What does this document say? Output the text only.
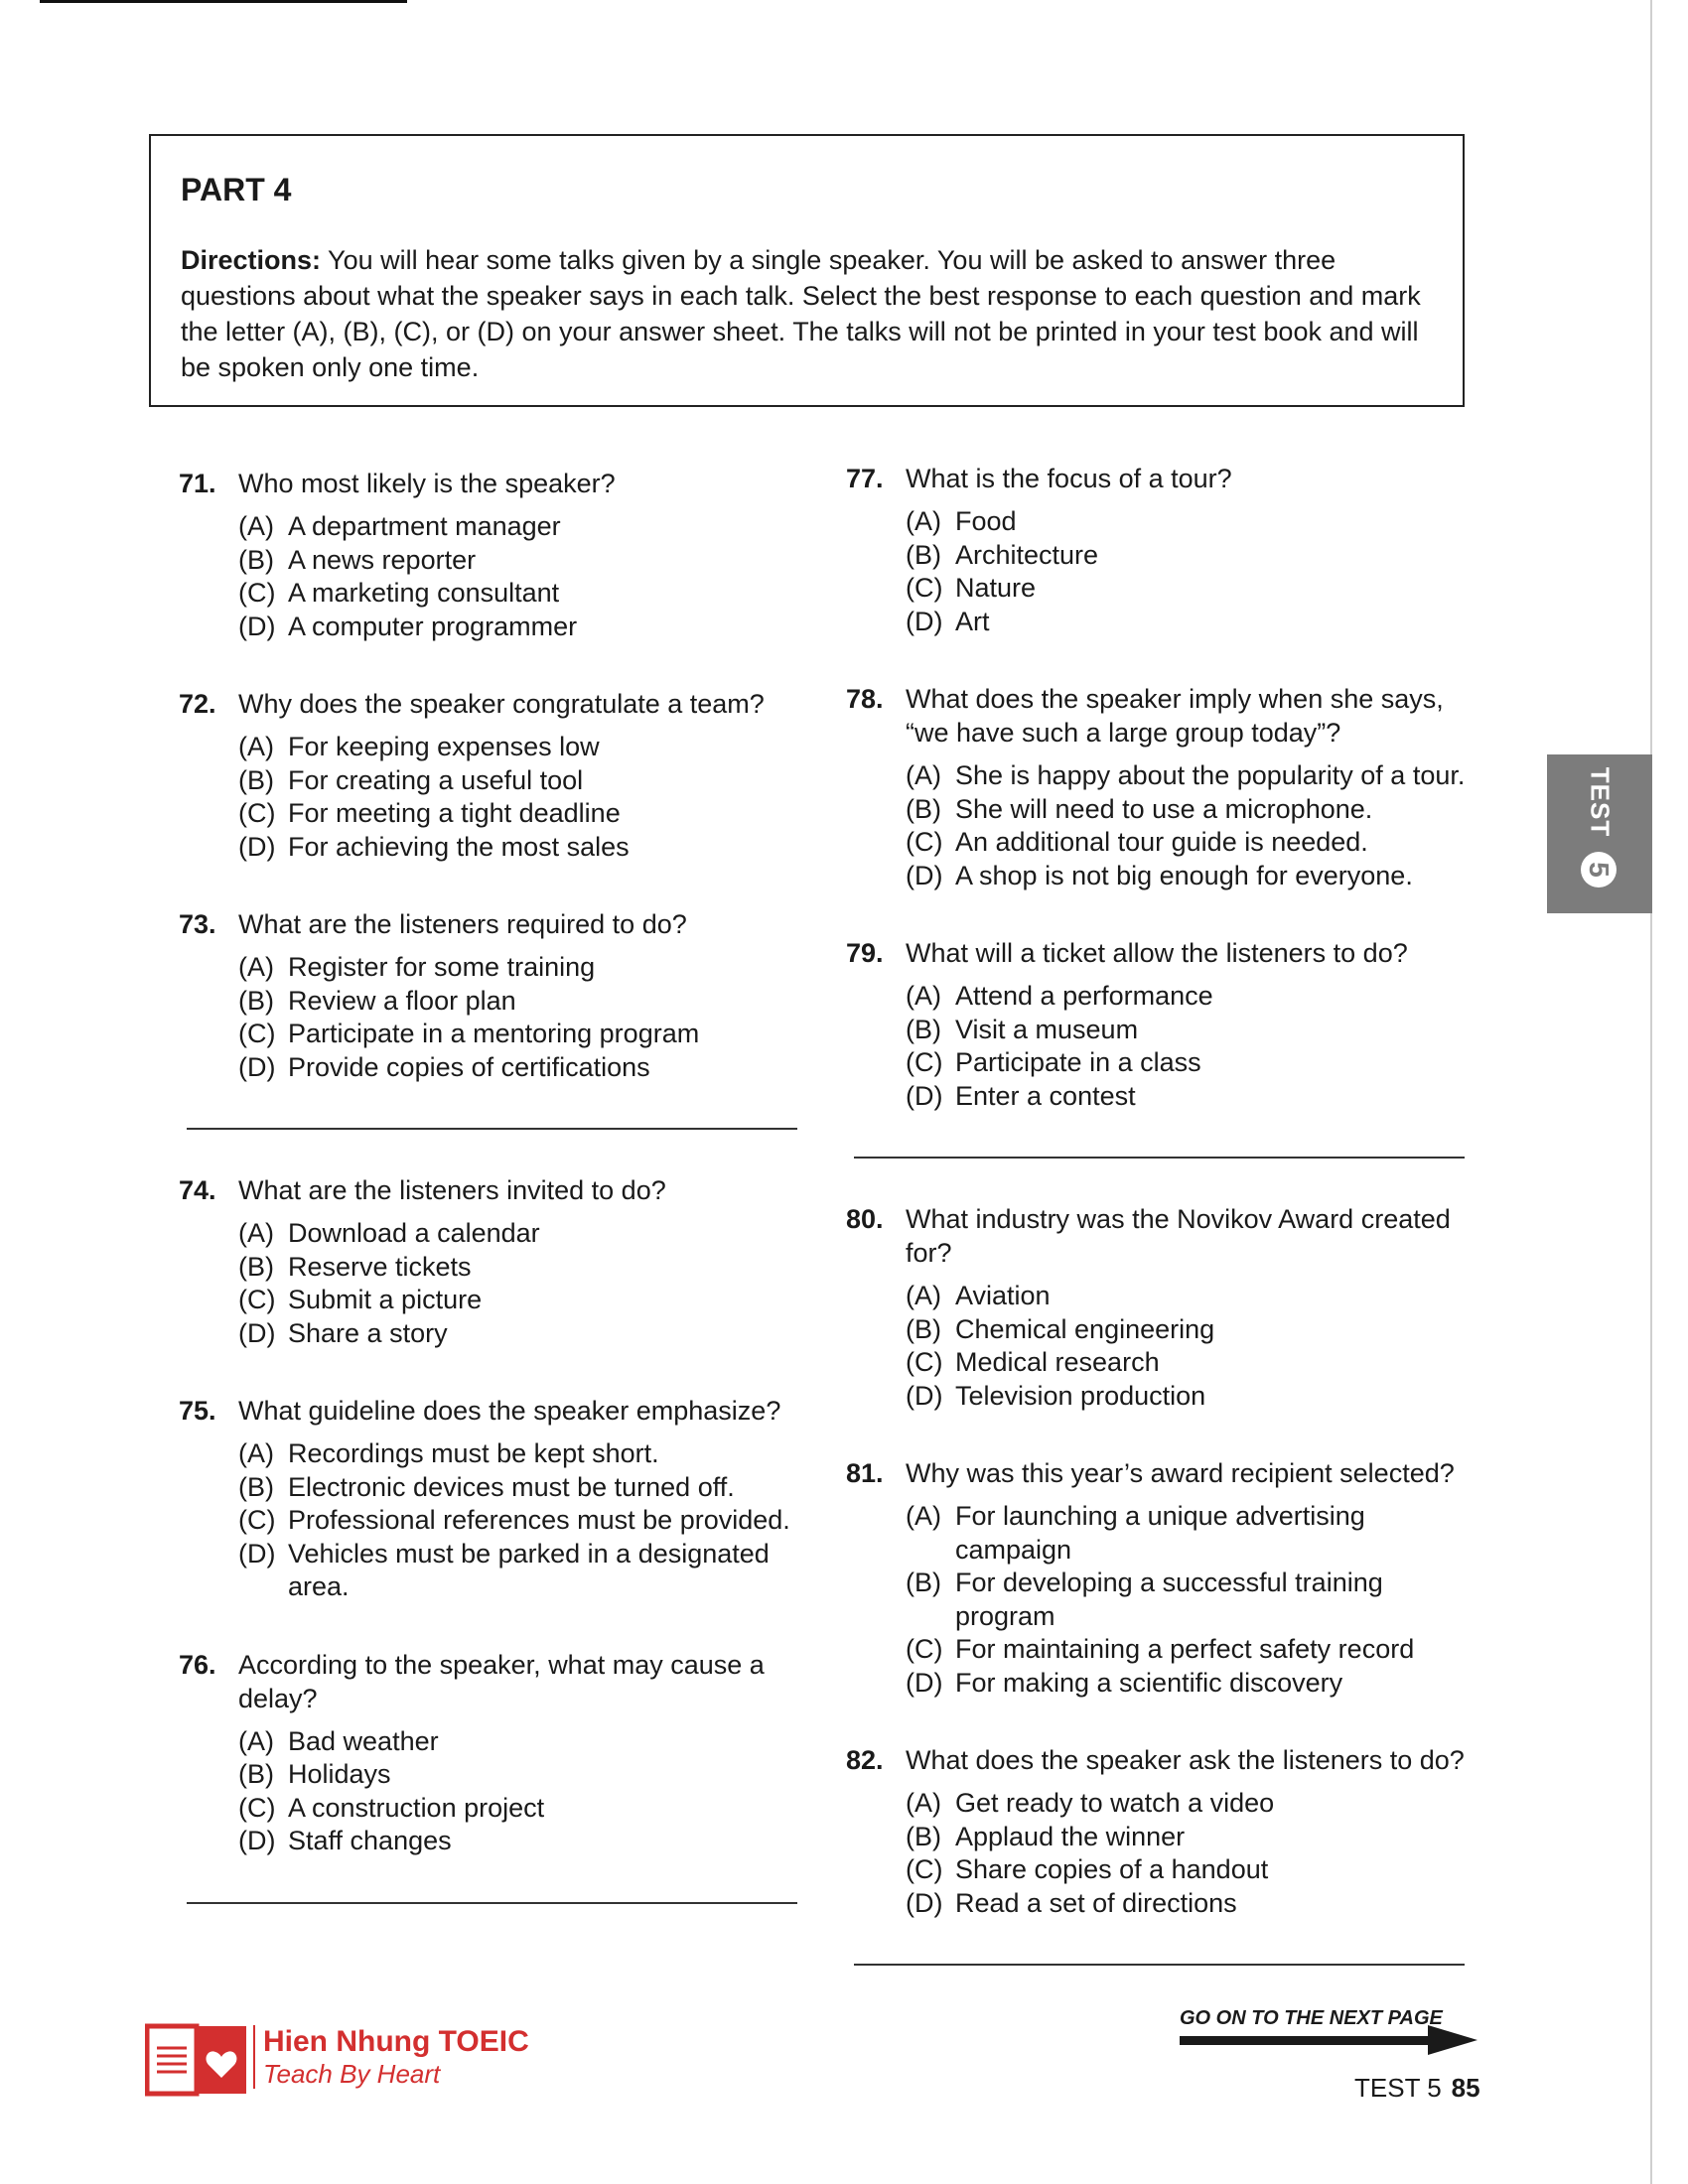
PART 4

Directions: You will hear some talks given by a single speaker. You will be asked to answer three questions about what the speaker says in each talk. Select the best response to each question and mark the letter (A), (B), (C), or (D) on your answer sheet. The talks will not be printed in your test book and will be spoken only one time.

71. Who most likely is the speaker?
(A) A department manager
(B) A news reporter
(C) A marketing consultant
(D) A computer programmer
72. Why does the speaker congratulate a team?
(A) For keeping expenses low
(B) For creating a useful tool
(C) For meeting a tight deadline
(D) For achieving the most sales
73. What are the listeners required to do?
(A) Register for some training
(B) Review a floor plan
(C) Participate in a mentoring program
(D) Provide copies of certifications
74. What are the listeners invited to do?
(A) Download a calendar
(B) Reserve tickets
(C) Submit a picture
(D) Share a story
75. What guideline does the speaker emphasize?
(A) Recordings must be kept short.
(B) Electronic devices must be turned off.
(C) Professional references must be provided.
(D) Vehicles must be parked in a designated area.
76. According to the speaker, what may cause a delay?
(A) Bad weather
(B) Holidays
(C) A construction project
(D) Staff changes
77. What is the focus of a tour?
(A) Food
(B) Architecture
(C) Nature
(D) Art
78. What does the speaker imply when she says, “we have such a large group today”?
(A) She is happy about the popularity of a tour.
(B) She will need to use a microphone.
(C) An additional tour guide is needed.
(D) A shop is not big enough for everyone.
79. What will a ticket allow the listeners to do?
(A) Attend a performance
(B) Visit a museum
(C) Participate in a class
(D) Enter a contest
80. What industry was the Novikov Award created for?
(A) Aviation
(B) Chemical engineering
(C) Medical research
(D) Television production
81. Why was this year’s award recipient selected?
(A) For launching a unique advertising campaign
(B) For developing a successful training program
(C) For maintaining a perfect safety record
(D) For making a scientific discovery
82. What does the speaker ask the listeners to do?
(A) Get ready to watch a video
(B) Applaud the winner
(C) Share copies of a handout
(D) Read a set of directions
TEST
5
Hien Nhung TOEIC
Teach By Heart
GO ON TO THE NEXT PAGE
TEST 5 85
